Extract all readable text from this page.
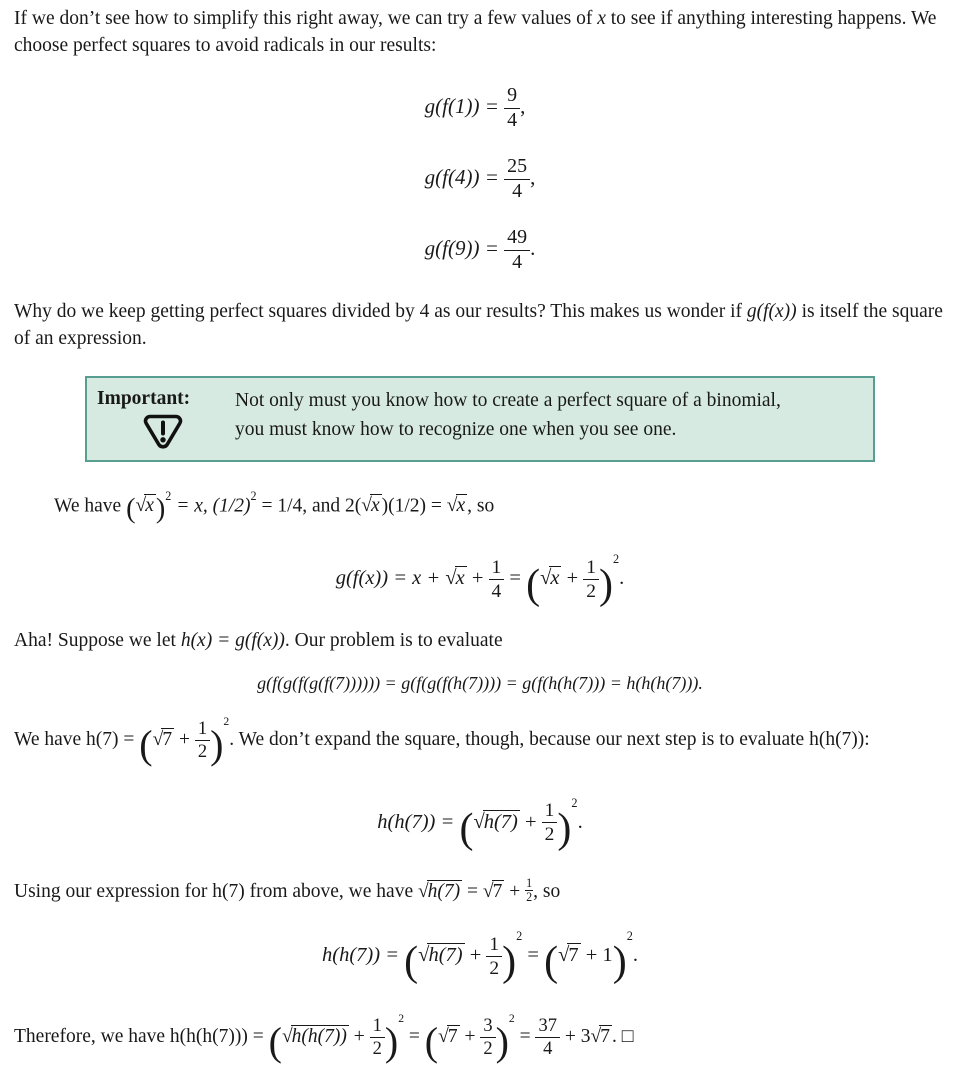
If we don’t see how to simplify this right away, we can try a few values of x to see if anything interesting happens. We choose perfect squares to avoid radicals in our results:

$g(f(1)) = \frac{9}{4}$ ,
$g(f(4)) = \frac{25}{4}$ ,
$g(f(9)) = \frac{49}{4}$ .

Why do we keep getting perfect squares divided by 4 as our results? This makes us wonder if g(f(x)) is itself the square of an expression.

Important:	Not only must you know how to create a perfect square of a binomial,
you must know how to recognize one when you see one.

We have $(√x)^2 = x$, $(1/2)^2 = 1/4$, and 2(√x )(1/2) = √x , so

$g(f(x)) = x + √x + \frac{1}{4} = (√x + \frac{1}{2} )^2$.

Aha! Suppose we let h(x) = g(f(x)). Our problem is to evaluate

g(f(g(f(g(f(7)))))) = g(f(g(f(h(7)))) = g(f(h(h(7))) = h(h(h(7))).

We have $h(7) = (√7 + \frac{1}{2} )^2$. We don’t expand the square, though, because our next step is to evaluate h(h(7)):

$h(h(7)) = (√h(7) + \frac{1}{2} )^2$.

Using our expression for h(7) from above, we have $√h(7) = √7 + \frac{1}{2}$ , so

$h(h(7)) = (√h(7) + \frac{1}{2} )^2 = (√7 + 1)^2$.

Therefore, we have $h(h(h(7))) = (√h(h(7)) + \frac{1}{2} )^2 = (√7 + \frac{3}{2} )^2 = \frac{37}{4} + 3√7$ . □
